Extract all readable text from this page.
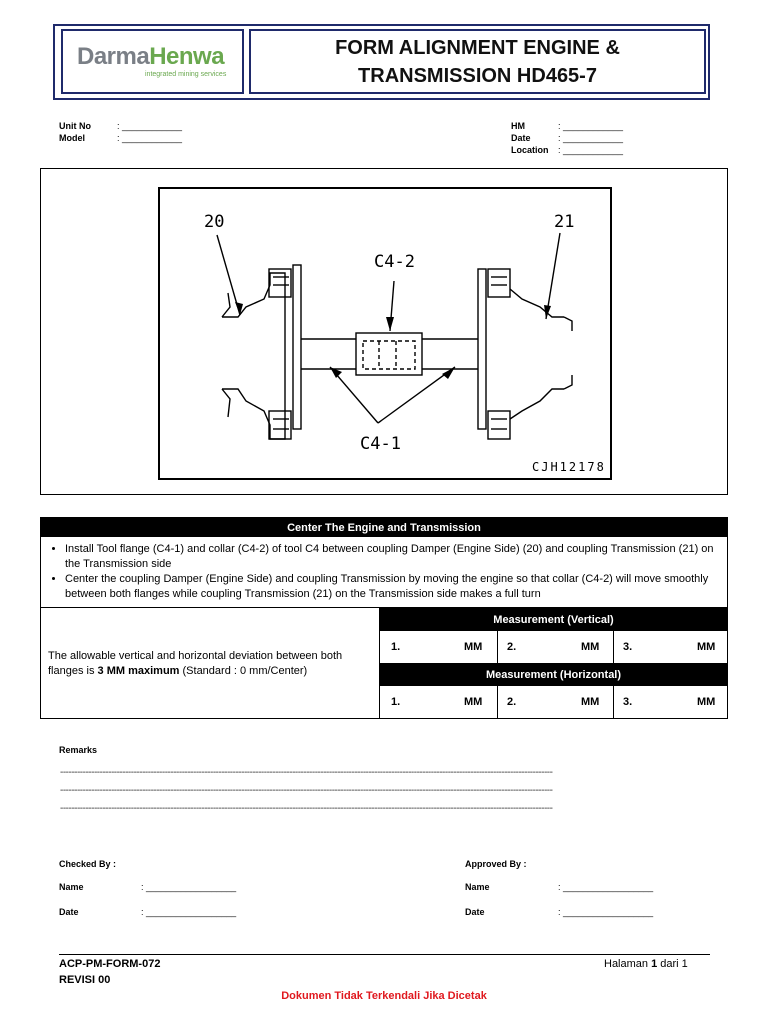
DarmaHenwa
integrated mining services
FORM ALIGNMENT ENGINE &
TRANSMISSION HD465-7
Unit No	: ____________
Model	: ____________
HM	: ____________
Date	: ____________
Location : ____________
20	21
C4-2
C4-1
CJH12178
Center The Engine and Transmission
• Install Tool flange (C4-1) and collar (C4-2) of tool C4 between coupling Damper (Engine Side) (20) and coupling Transmission (21) on the Transmission side
• Center the coupling Damper (Engine Side) and coupling Transmission by moving the engine so that collar (C4-2) will move smoothly between both flanges while coupling Transmission (21) on the Transmission side makes a full turn
The allowable vertical and horizontal deviation between both flanges is 3 MM maximum (Standard : 0 mm/Center)
Measurement (Vertical)
1.	MM 2.	MM 3.	MM
Measurement (Horizontal)
1.	MM 2.	MM 3.	MM
Remarks
------------------------------------------------------------------------------------------------------------------------------------------------------------------------------
------------------------------------------------------------------------------------------------------------------------------------------------------------------------------
------------------------------------------------------------------------------------------------------------------------------------------------------------------------------
Checked By :
Name	: __________________
Date	: __________________
Approved By :
Name	: __________________
Date	: __________________
ACP-PM-FORM-072
REVISI 00
Halaman 1 dari 1
Dokumen Tidak Terkendali Jika Dicetak
